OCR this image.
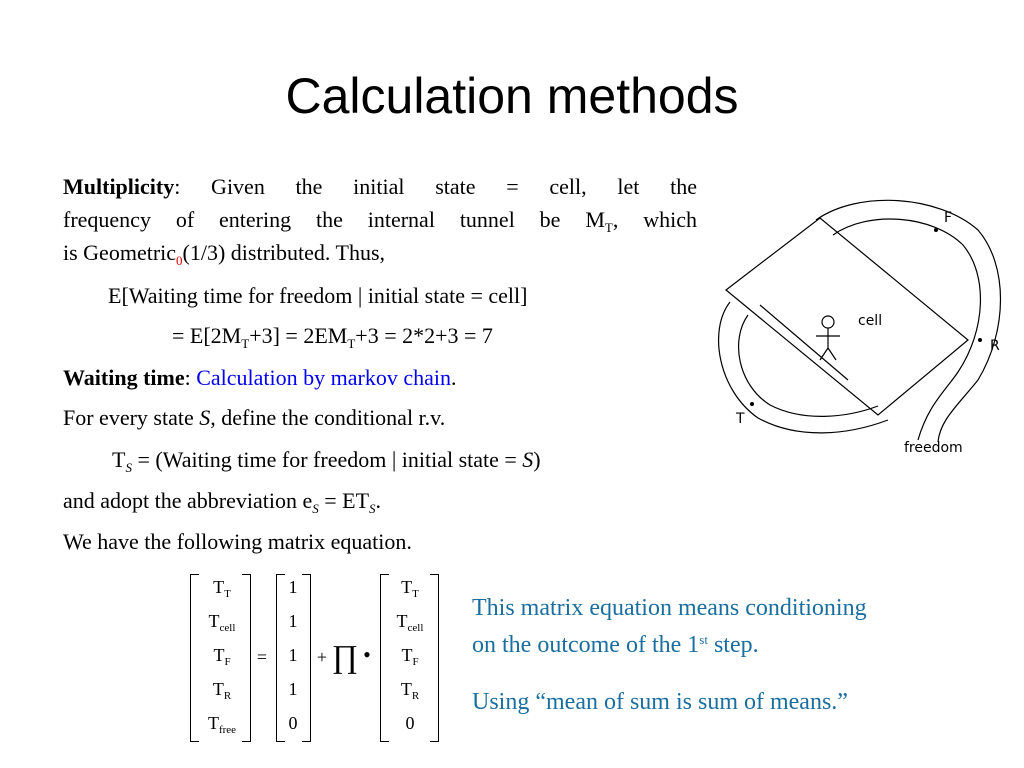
Calculation methods
Multiplicity: Given the initial state = cell, let the
frequency of entering the internal tunnel be $M_T$, which
is Geometric$_0$(1/3) distributed. Thus,
E[Waiting time for freedom | initial state = cell]
= $E[2M_T+3] = 2EM_T+3 = 2*2+3 = 7$
Waiting time: Calculation by markov chain.
For every state S, define the conditional r.v.
$T_S$ = (Waiting time for freedom | initial state = S)
and adopt the abbreviation $e_S = ET_S$.
We have the following matrix equation.
F
cell
R
T
freedom
$T_T$
$T_{cell}$
$T_F$
$T_R$
$T_{free}$
=
1
1
1
1
0
+ ∏ •
$T_T$
$T_{cell}$
$T_F$
$T_R$
0
This matrix equation means conditioning
on the outcome of the 1st step.
Using “mean of sum is sum of means.”
